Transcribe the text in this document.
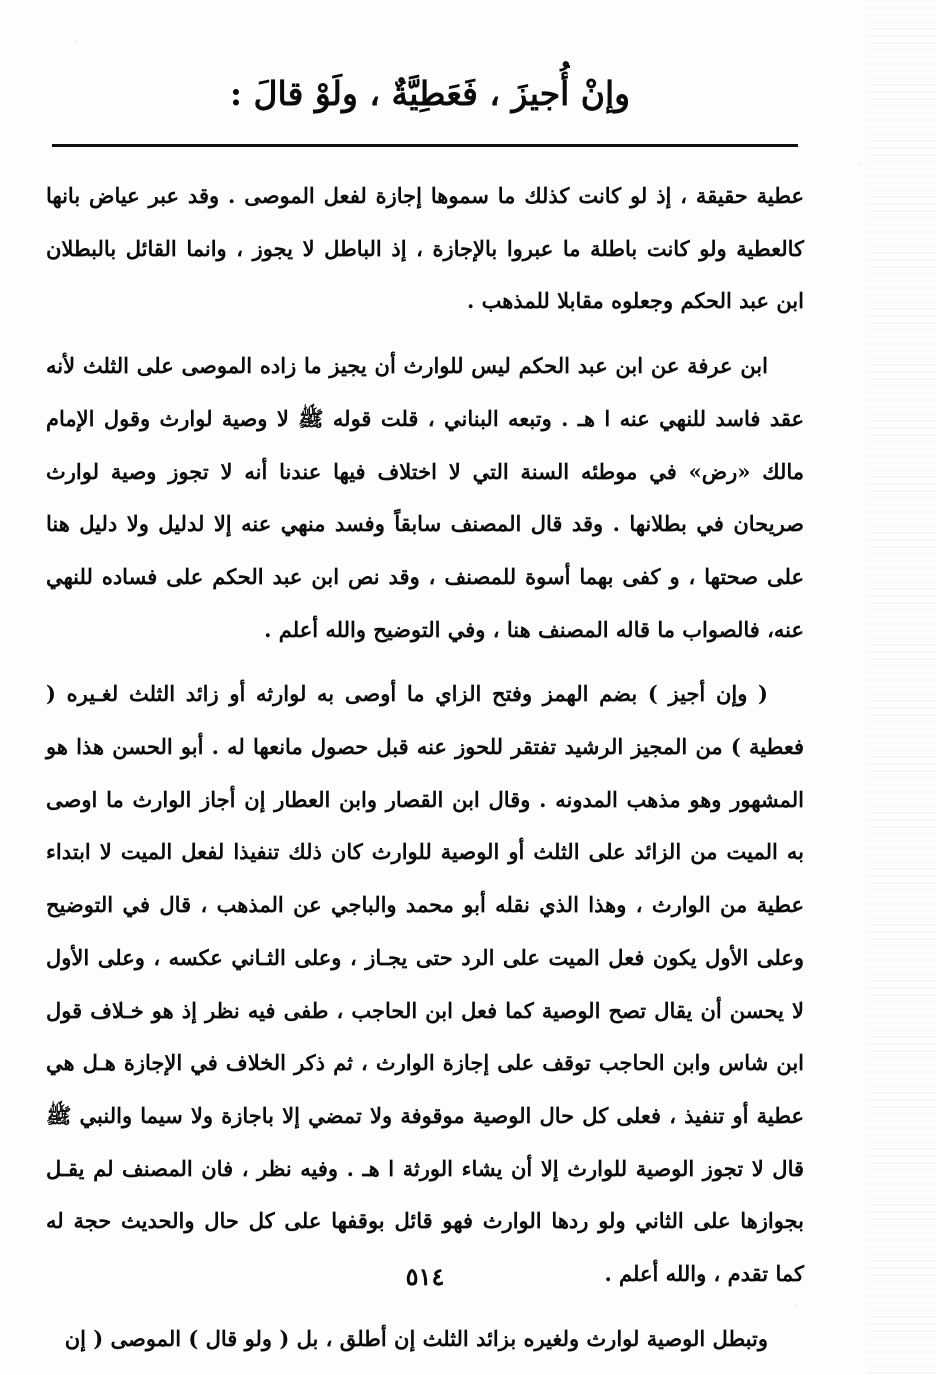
وإنْ أُجيزَ ، فَعَطِيَّةٌ ، ولَوْ قالَ :

عطية حقيقة ، إذ لو كانت كذلك ما سموها إجازة لفعل الموصى . وقد عبر عياض بانها كالعطية ولو كانت باطلة ما عبروا بالإجازة ، إذ الباطل لا يجوز ، وانما القائل بالبطلان ابن عبد الحكم وجعلوه مقابلا للمذهب .

ابن عرفة عن ابن عبد الحكم ليس للوارث أن يجيز ما زاده الموصى على الثلث لأنه عقد فاسد للنهي عنه ا هـ . وتبعه البناني ، قلت قوله ﷺ لا وصية لوارث وقول الإمام مالك «رض» في موطئه السنة التي لا اختلاف فيها عندنا أنه لا تجوز وصية لوارث صريحان في بطلانها . وقد قال المصنف سابقاً وفسد منهي عنه إلا لدليل ولا دليل هنا على صحتها ، و كفى بهما أسوة للمصنف ، وقد نص ابن عبد الحكم على فساده للنهي عنه، فالصواب ما قاله المصنف هنا ، وفي التوضيح والله أعلم .

( وإن أجيز ) بضم الهمز وفتح الزاي ما أوصى به لوارثه أو زائد الثلث لغـيره ( فعطية ) من المجيز الرشيد تفتقر للحوز عنه قبل حصول مانعها له . أبو الحسن هذا هو المشهور وهو مذهب المدونه . وقال ابن القصار وابن العطار إن أجاز الوارث ما اوصى به الميت من الزائد على الثلث أو الوصية للوارث كان ذلك تنفيذا لفعل الميت لا ابتداء عطية من الوارث ، وهذا الذي نقله أبو محمد والباجي عن المذهب ، قال في التوضيح وعلى الأول يكون فعل الميت على الرد حتى يجـاز ، وعلى الثـاني عكسه ، وعلى الأول لا يحسن أن يقال تصح الوصية كما فعل ابن الحاجب ، طفى فيه نظر إذ هو خـلاف قول ابن شاس وابن الحاجب توقف على إجازة الوارث ، ثم ذكر الخلاف في الإجازة هـل هي عطية أو تنفيذ ، فعلى كل حال الوصية موقوفة ولا تمضي إلا باجازة ولا سيما والنبي ﷺ قال لا تجوز الوصية للوارث إلا أن يشاء الورثة ا هـ . وفيه نظر ، فان المصنف لم يقـل بجوازها على الثاني ولو ردها الوارث فهو قائل بوقفها على كل حال والحديث حجة له كما تقدم ، والله أعلم .

وتبطل الوصية لوارث ولغيره بزائد الثلث إن أطلق ، بل ( ولو قال ) الموصى ( إن

٥١٤
